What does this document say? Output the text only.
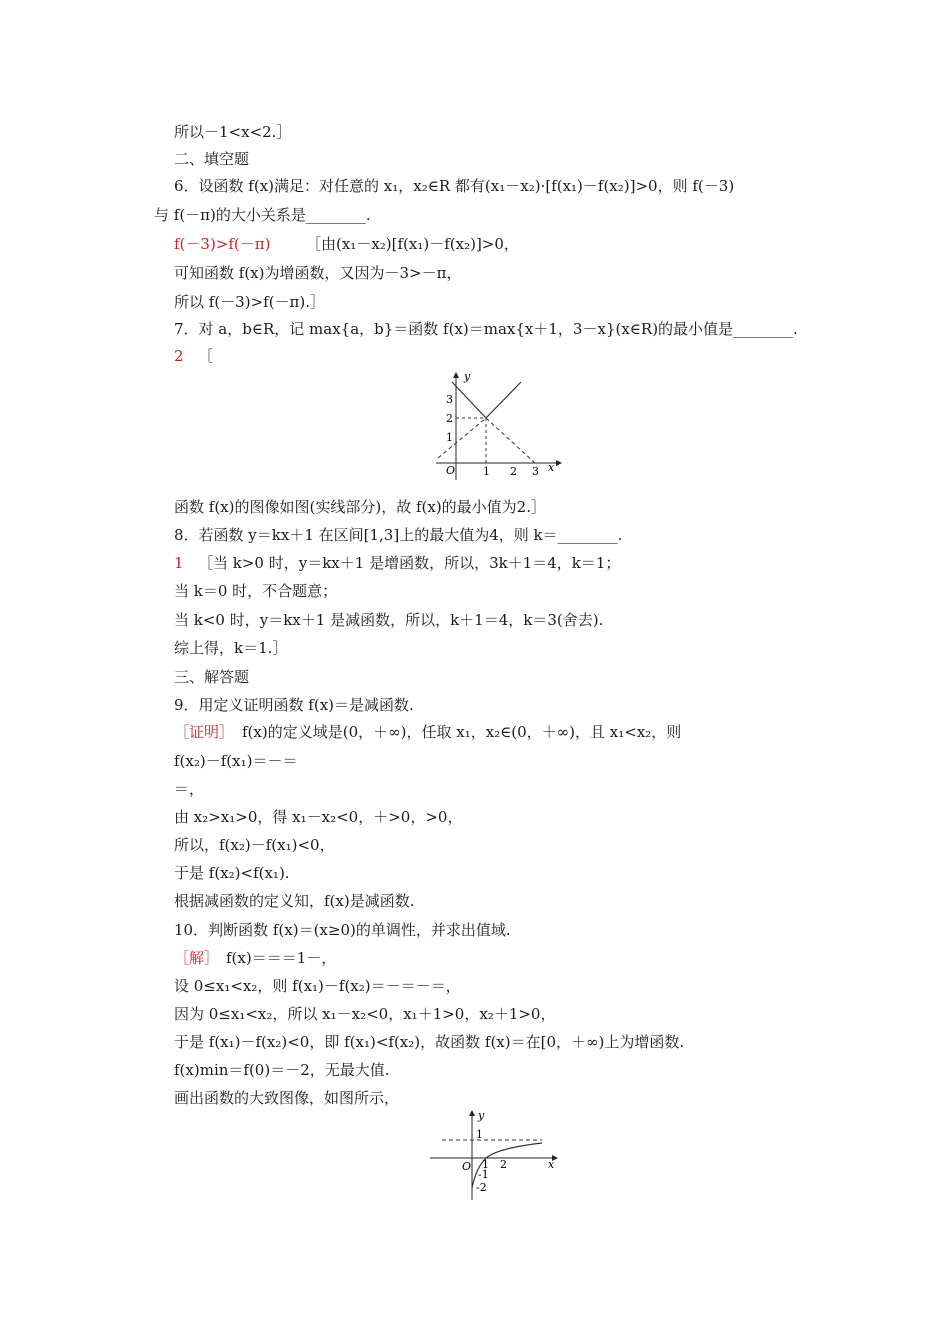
所以－1<x<2.］
二、填空题
6．设函数 f(x)满足：对任意的 x₁，x₂∈R 都有(x₁－x₂)·[f(x₁)－f(x₂)]>0，则 f(－3)
与 f(－π)的大小关系是________.
f(－3)>f(－π) ［由(x₁－x₂)[f(x₁)－f(x₂)]>0，
可知函数 f(x)为增函数，又因为－3>－π，
所以 f(－3)>f(－π).］
7．对 a，b∈R，记 max{a，b}＝函数 f(x)＝max{x＋1，3－x}(x∈R)的最小值是________.
2 ［
y
x
O	1 2 3
1
2
3
函数 f(x)的图像如图(实线部分)，故 f(x)的最小值为2.］
8．若函数 y＝kx＋1 在区间[1,3]上的最大值为4，则 k＝________.
1 ［当 k>0 时，y＝kx＋1 是增函数，所以，3k＋1＝4，k＝1；
当 k＝0 时，不合题意；
当 k<0 时，y＝kx＋1 是减函数，所以，k＋1＝4，k＝3(舍去).
综上得，k＝1.］
三、解答题
9．用定义证明函数 f(x)＝是减函数.
［证明］ f(x)的定义域是(0，＋∞)，任取 x₁，x₂∈(0，＋∞)，且 x₁<x₂，则
f(x₂)－f(x₁)＝－＝
＝，
由 x₂>x₁>0，得 x₁－x₂<0，＋>0，>0，
所以，f(x₂)－f(x₁)<0，
于是 f(x₂)<f(x₁).
根据减函数的定义知，f(x)是减函数.
10．判断函数 f(x)＝(x≥0)的单调性，并求出值域.
［解］ f(x)＝＝＝1－，
设 0≤x₁<x₂，则 f(x₁)－f(x₂)＝－＝－＝，
因为 0≤x₁<x₂，所以 x₁－x₂<0，x₁＋1>0，x₂＋1>0，
于是 f(x₁)－f(x₂)<0，即 f(x₁)<f(x₂)，故函数 f(x)＝在[0，＋∞)上为增函数.
f(x)min＝f(0)＝－2，无最大值.
画出函数的大致图像，如图所示，
y
x
O
1
1 2
-1
-2
